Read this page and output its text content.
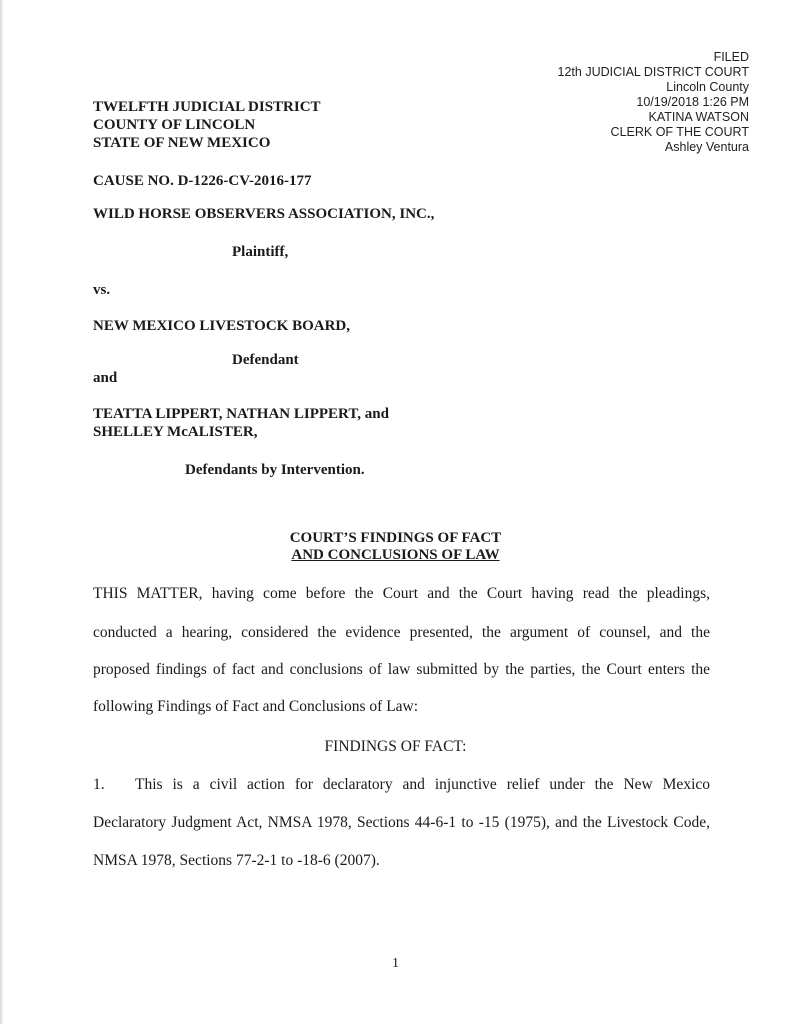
FILED
12th JUDICIAL DISTRICT COURT
Lincoln County
10/19/2018 1:26 PM
KATINA WATSON
CLERK OF THE COURT
Ashley Ventura
TWELFTH JUDICIAL DISTRICT
COUNTY OF LINCOLN
STATE OF NEW MEXICO
CAUSE NO. D-1226-CV-2016-177
WILD HORSE OBSERVERS ASSOCIATION, INC.,
Plaintiff,
vs.
NEW MEXICO LIVESTOCK BOARD,
Defendant
and
TEATTA LIPPERT, NATHAN LIPPERT, and
SHELLEY McALISTER,
Defendants by Intervention.
COURT’S FINDINGS OF FACT
AND CONCLUSIONS OF LAW
THIS MATTER, having come before the Court and the Court having read the pleadings,
conducted a hearing, considered the evidence presented, the argument of counsel, and the
proposed findings of fact and conclusions of law submitted by the parties, the Court enters the
following Findings of Fact and Conclusions of Law:
FINDINGS OF FACT:
1.	This is a civil action for declaratory and injunctive relief under the New Mexico
Declaratory Judgment Act, NMSA 1978, Sections 44-6-1 to -15 (1975), and the Livestock Code,
NMSA 1978, Sections 77-2-1 to -18-6 (2007).
1
